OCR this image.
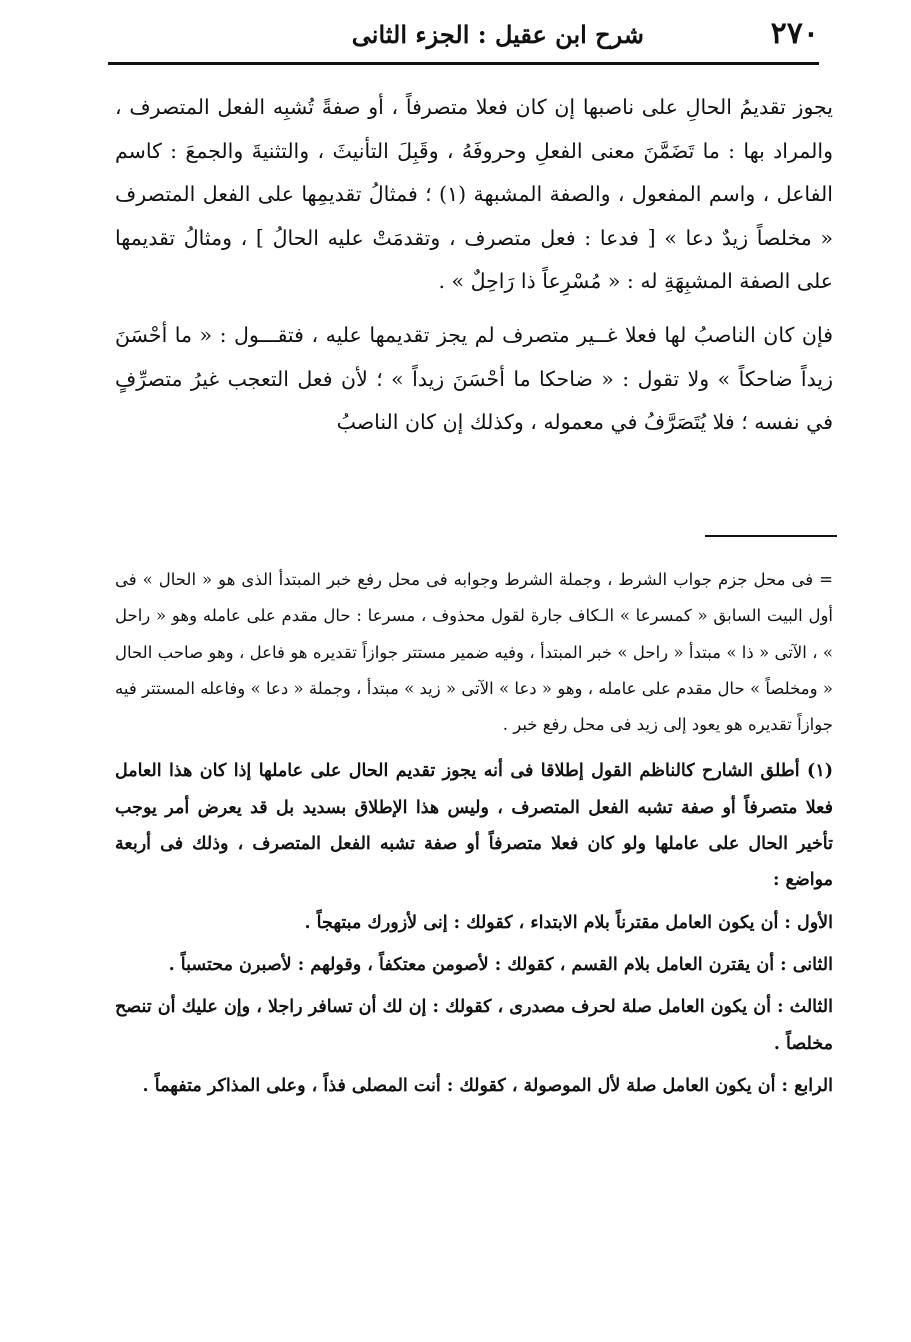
٢٧٠
شرح ابن عقيل : الجزء الثانى

يجوز تقديمُ الحالِ على ناصبها إن كان فعلا متصرفاً ، أو صفةً تُشبِه الفعل المتصرف ، والمراد بها : ما تَضَمَّنَ معنى الفعلِ وحروفَهُ ، وقَبِلَ التأنيثَ ، والتثنيةَ والجمعَ : كاسم الفاعل ، واسم المفعول ، والصفة المشبهة (١) ؛ فمثالُ تقديمِها على الفعل المتصرف « مخلصاً زيدٌ دعا » [ فدعا : فعل متصرف ، وتقدمَتْ عليه الحالُ ] ، ومثالُ تقديمها على الصفة المشبِهَةِ له : « مُسْرِعاً ذا رَاحِلٌ » .

فإن كان الناصبُ لها فعلا غــير متصرف لم يجز تقديمها عليه ، فتقـــول : « ما أحْسَنَ زيداً ضاحكاً » ولا تقول : « ضاحكا ما أحْسَنَ زيداً » ؛ لأن فعل التعجب غيرُ متصرِّفٍ في نفسه ؛ فلا يُتَصَرَّفُ في معموله ، وكذلك إن كان الناصبُ

= فى محل جزم جواب الشرط ، وجملة الشرط وجوابه فى محل رفع خبر المبتدأ الذى هو « الحال » فى أول البيت السابق « كمسرعا » الـكاف جارة لقول محذوف ، مسرعا : حال مقدم على عامله وهو « راحل » ، الآتى « ذا » مبتدأ « راحل » خبر المبتدأ ، وفيه ضمير مستتر جوازاً تقديره هو فاعل ، وهو صاحب الحال « ومخلصاً » حال مقدم على عامله ، وهو « دعا » الآتى « زيد » مبتدأ ، وجملة « دعا » وفاعله المستتر فيه جوازاً تقديره هو يعود إلى زيد فى محل رفع خبر .

(١) أطلق الشارح كالناظم القول إطلاقا فى أنه يجوز تقديم الحال على عاملها إذا كان هذا العامل فعلا متصرفاً أو صفة تشبه الفعل المتصرف ، وليس هذا الإطلاق بسديد بل قد يعرض أمر يوجب تأخير الحال على عاملها ولو كان فعلا متصرفاً أو صفة تشبه الفعل المتصرف ، وذلك فى أربعة مواضع :

الأول : أن يكون العامل مقترناً بلام الابتداء ، كقولك : إنى لأزورك مبتهجاً .

الثانى : أن يقترن العامل بلام القسم ، كقولك : لأصومن معتكفاً ، وقولهم : لأصبرن محتسباً .

الثالث : أن يكون العامل صلة لحرف مصدرى ، كقولك : إن لك أن تسافر راجلا ، وإن عليك أن تنصح مخلصاً .

الرابع : أن يكون العامل صلة لأل الموصولة ، كقولك : أنت المصلى فذاً ، وعلى المذاكر متفهماً .
